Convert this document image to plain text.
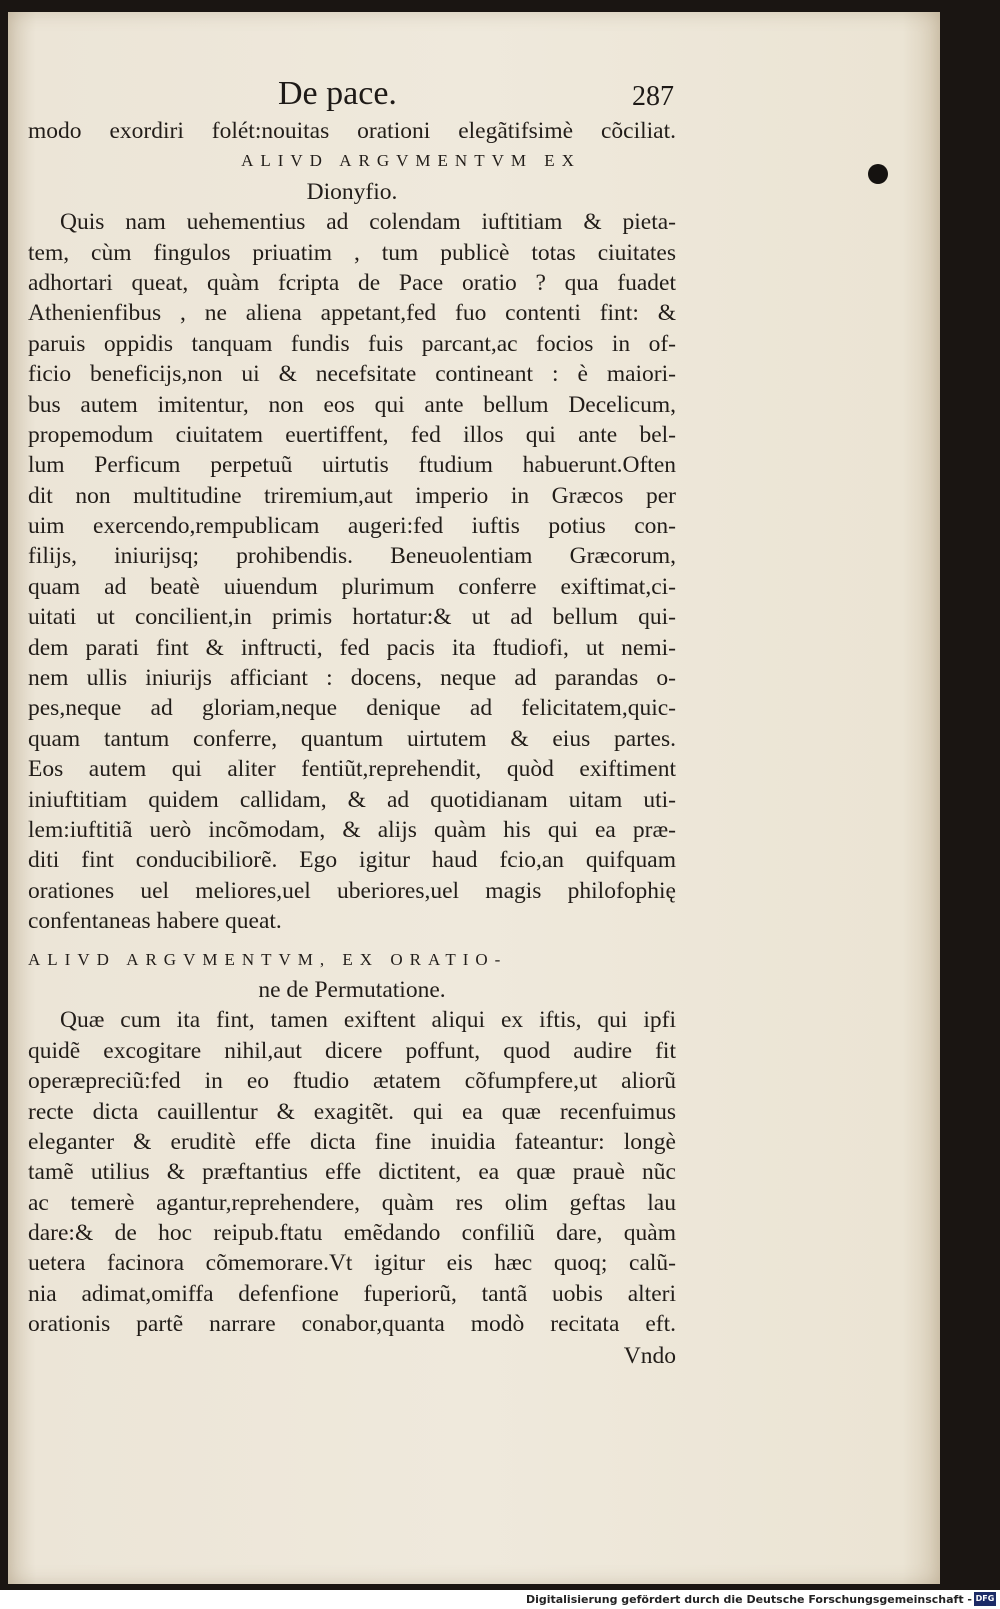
De pace.	287
modo exordiri folét:nouitas orationi elegãtifsimè cõciliat.
ALIVD ARGVMENTVM EX
Dionyfio.
Quis nam uehementius ad colendam iuftitiam & pieta-
tem, cùm fingulos priuatim , tum publicè totas ciuitates
adhortari queat, quàm fcripta de Pace oratio ? qua fuadet
Athenienfibus , ne aliena appetant,fed fuo contenti fint: &
paruis oppidis tanquam fundis fuis parcant,ac focios in of-
ficio beneficijs,non ui & necefsitate contineant : è maiori-
bus autem imitentur, non eos qui ante bellum Decelicum,
propemodum ciuitatem euertiffent, fed illos qui ante bel-
lum Perficum perpetuũ uirtutis ftudium habuerunt.Often
dit non multitudine triremium,aut imperio in Græcos per
uim exercendo,rempublicam augeri:fed iuftis potius con-
filijs, iniurijsq; prohibendis. Beneuolentiam Græcorum,
quam ad beatè uiuendum plurimum conferre exiftimat,ci-
uitati ut concilient,in primis hortatur:& ut ad bellum qui-
dem parati fint & inftructi, fed pacis ita ftudiofi, ut nemi-
nem ullis iniurijs afficiant : docens, neque ad parandas o-
pes,neque ad gloriam,neque denique ad felicitatem,quic-
quam tantum conferre, quantum uirtutem & eius partes.
Eos autem qui aliter fentiũt,reprehendit, quòd exiftiment
iniuftitiam quidem callidam, & ad quotidianam uitam uti-
lem:iuftitiã uerò incõmodam, & alijs quàm his qui ea præ-
diti fint conducibiliorẽ. Ego igitur haud fcio,an quifquam
orationes uel meliores,uel uberiores,uel magis philofophię
confentaneas habere queat.
ALIVD ARGVMENTVM, EX ORATIO-
ne de Permutatione.
Quæ cum ita fint, tamen exiftent aliqui ex iftis, qui ipfi
quidẽ excogitare nihil,aut dicere poffunt, quod audire fit
operæpreciũ:fed in eo ftudio ætatem cõfumpfere,ut aliorũ
recte dicta cauillentur & exagitẽt. qui ea quæ recenfuimus
eleganter & eruditè effe dicta fine inuidia fateantur: longè
tamẽ utilius & præftantius effe dictitent, ea quæ prauè nũc
ac temerè agantur,reprehendere, quàm res olim geftas lau
dare:& de hoc reipub.ftatu emẽdando confiliũ dare, quàm
uetera facinora cõmemorare.Vt igitur eis hæc quoq; calũ-
nia adimat,omiffa defenfione fuperiorũ, tantã uobis alteri
orationis partẽ narrare conabor,quanta modò recitata eft.
Vndo
Digitalisierung gefördert durch die Deutsche Forschungsgemeinschaft - DFG
